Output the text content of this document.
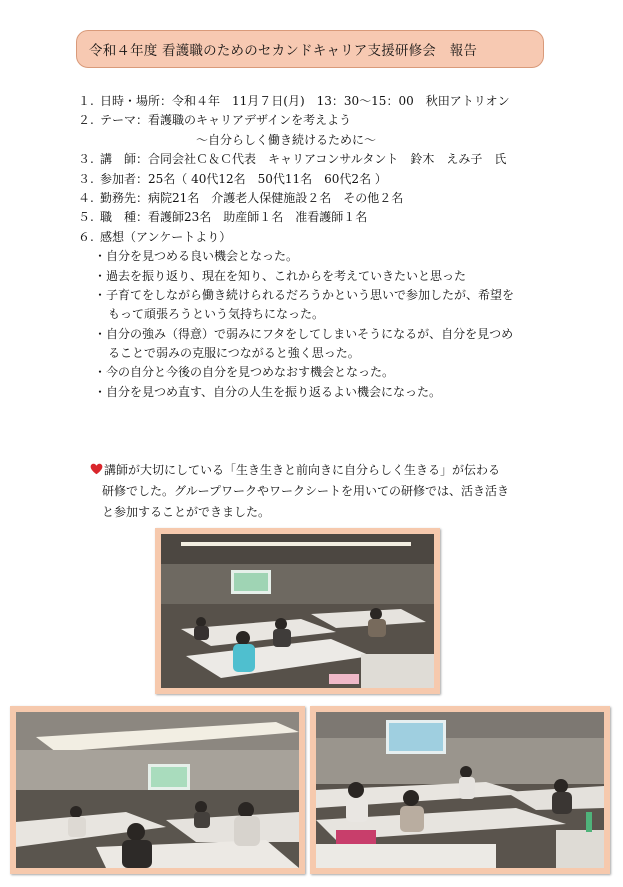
令和４年度 看護職のためのセカンドキャリア支援研修会　報告
１. 日時・場所：令和４年　11月７日(月)　13：30〜15：00　秋田アトリオン
２. テーマ：看護職のキャリアデザインを考えよう
〜自分らしく働き続けるために〜
３. 講　師：合同会社Ｃ＆Ｃ代表　キャリアコンサルタント　鈴木　えみ子　氏
３. 参加者：25名（ 40代12名　50代11名　60代2名 ）
４. 勤務先：病院21名　介護老人保健施設２名　その他２名
５. 職　種：看護師23名　助産師１名　准看護師１名
６. 感想（アンケートより）
・自分を見つめる良い機会となった。
・過去を振り返り、現在を知り、これからを考えていきたいと思った
・子育てをしながら働き続けられるだろうかという思いで参加したが、希望を
もって頑張ろうという気持ちになった。
・自分の強み（得意）で弱みにフタをしてしまいそうになるが、自分を見つめ
ることで弱みの克服につながると強く思った。
・今の自分と今後の自分を見つめなおす機会となった。
・自分を見つめ直す、自分の人生を振り返るよい機会になった。
講師が大切にしている「生き生きと前向きに自分らしく生きる」が伝わる
研修でした。グループワークやワークシートを用いての研修では、活き活き
と参加することができました。
